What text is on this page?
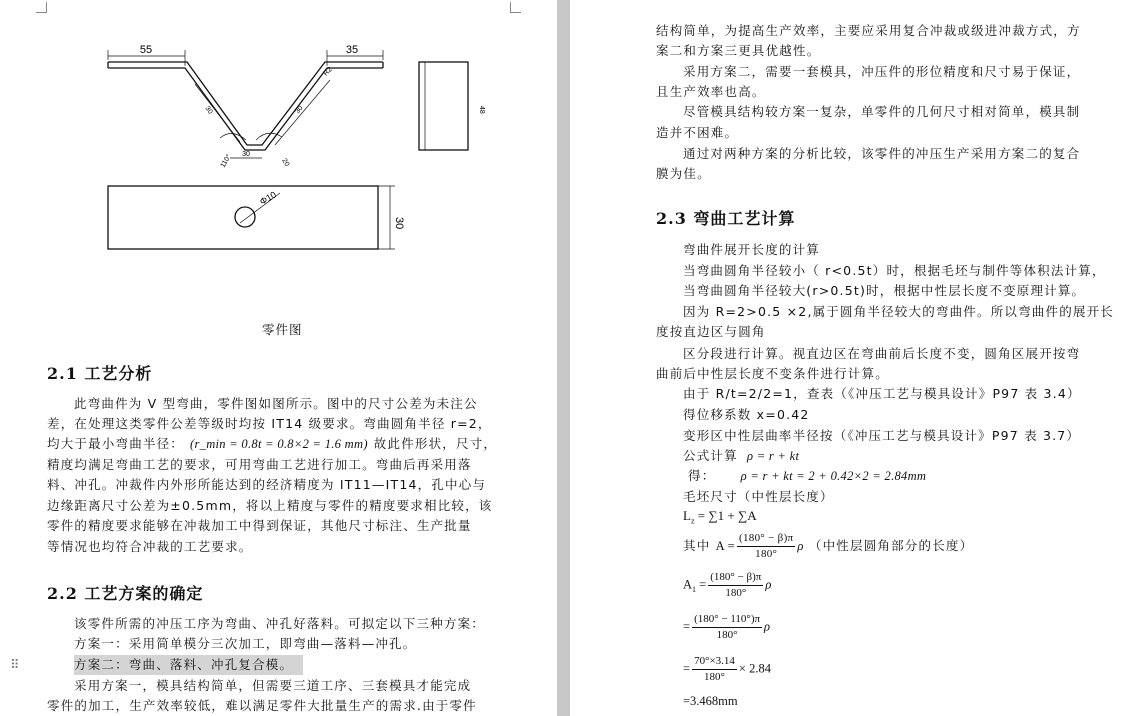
55	35
30	30
30
R2
110°	20
48
Φ10
30
零件图
2.1 工艺分析
此弯曲件为 V 型弯曲，零件图如图所示。图中的尺寸公差为未注公
差，在处理这类零件公差等级时均按 IT14 级要求。弯曲圆角半径 r=2，
均大于最小弯曲半径： (r_min = 0.8t = 0.8×2 = 1.6 mm) 故此件形状，尺寸，
精度均满足弯曲工艺的要求，可用弯曲工艺进行加工。弯曲后再采用落
料、冲孔。冲裁件内外形所能达到的经济精度为 IT11—IT14，孔中心与
边缘距离尺寸公差为±0.5mm，将以上精度与零件的精度要求相比较，该
零件的精度要求能够在冲裁加工中得到保证，其他尺寸标注、生产批量
等情况也均符合冲裁的工艺要求。
2.2 工艺方案的确定
该零件所需的冲压工序为弯曲、冲孔好落料。可拟定以下三种方案：
方案一：采用简单模分三次加工，即弯曲—落料—冲孔。
方案二：弯曲、落料、冲孔复合模。
采用方案一，模具结构简单，但需要三道工序、三套模具才能完成
零件的加工，生产效率较低，难以满足零件大批量生产的需求.由于零件
⠿
结构简单，为提高生产效率，主要应采用复合冲裁或级进冲裁方式，方
案二和方案三更具优越性。
采用方案二，需要一套模具，冲压件的形位精度和尺寸易于保证，
且生产效率也高。
尽管模具结构较方案一复杂，单零件的几何尺寸相对简单，模具制
造并不困难。
通过对两种方案的分析比较，该零件的冲压生产采用方案二的复合
膜为佳。
2.3 弯曲工艺计算
弯曲件展开长度的计算
当弯曲圆角半径较小（ r<0.5t）时，根据毛坯与制件等体积法计算，
当弯曲圆角半径较大(r>0.5t)时，根据中性层长度不变原理计算。
因为 R=2>0.5 ×2,属于圆角半径较大的弯曲件。所以弯曲件的展开长
度按直边区与圆角
区分段进行计算。视直边区在弯曲前后长度不变，圆角区展开按弯
曲前后中性层长度不变条件进行计算。
由于 R/t=2/2=1，查表（《冲压工艺与模具设计》P97 表 3.4）
得位移系数 x=0.42
变形区中性层曲率半径按（《冲压工艺与模具设计》P97 表 3.7）
公式计算 ρ = r + kt
得： ρ = r + kt = 2 + 0.42×2 = 2.84mm
毛坯尺寸（中性层长度）
$L_z = \sum 1 + \sum A$
其中 $A = \frac{(180^\circ - \beta)\pi}{180^\circ}$ ρ （中性层圆角部分的长度）
$A_1 = \frac{(180^\circ - \beta)\pi}{180^\circ}$ ρ
= $\frac{(180^\circ - 110^\circ)\pi}{180^\circ}$ ρ
= $\frac{70^\circ\times 3.14}{180^\circ} \times 2.84$
=3.468mm
